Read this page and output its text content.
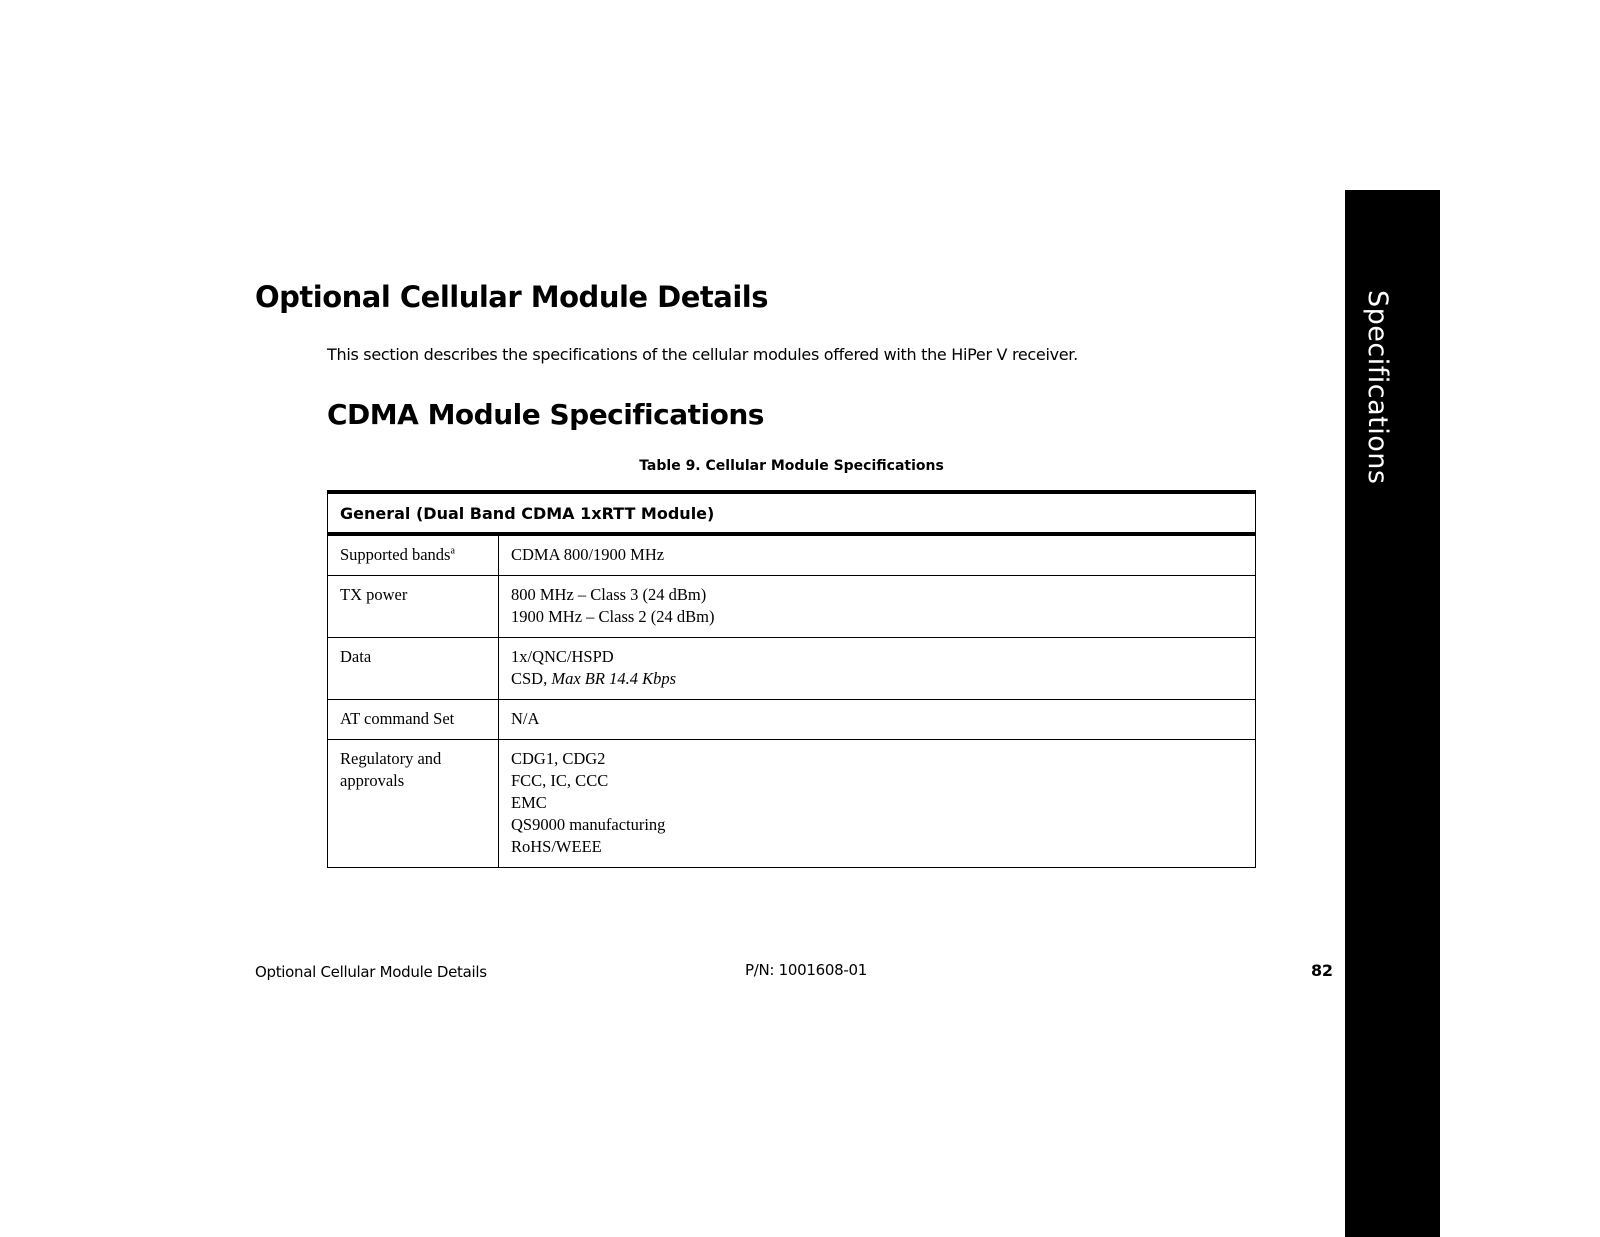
Specifications
Optional Cellular Module Details

This section describes the specifications of the cellular modules offered with the HiPer V receiver.

CDMA Module Specifications
Table 9. Cellular Module Specifications
General (Dual Band CDMA 1xRTT Module)	
Supported bands$^a$	CDMA 800/1900 MHz

TX power	800 MHz – Class 3 (24 dBm)
1900 MHz – Class 2 (24 dBm)

Data	1x/QNC/HSPD
CSD, Max BR 14.4 Kbps

AT command Set	N/A

Regulatory and approvals	CDG1, CDG2
FCC, IC, CCC
EMC
QS9000 manufacturing
RoHS/WEEE
Optional Cellular Module Details	P/N: 1001608-01	82
